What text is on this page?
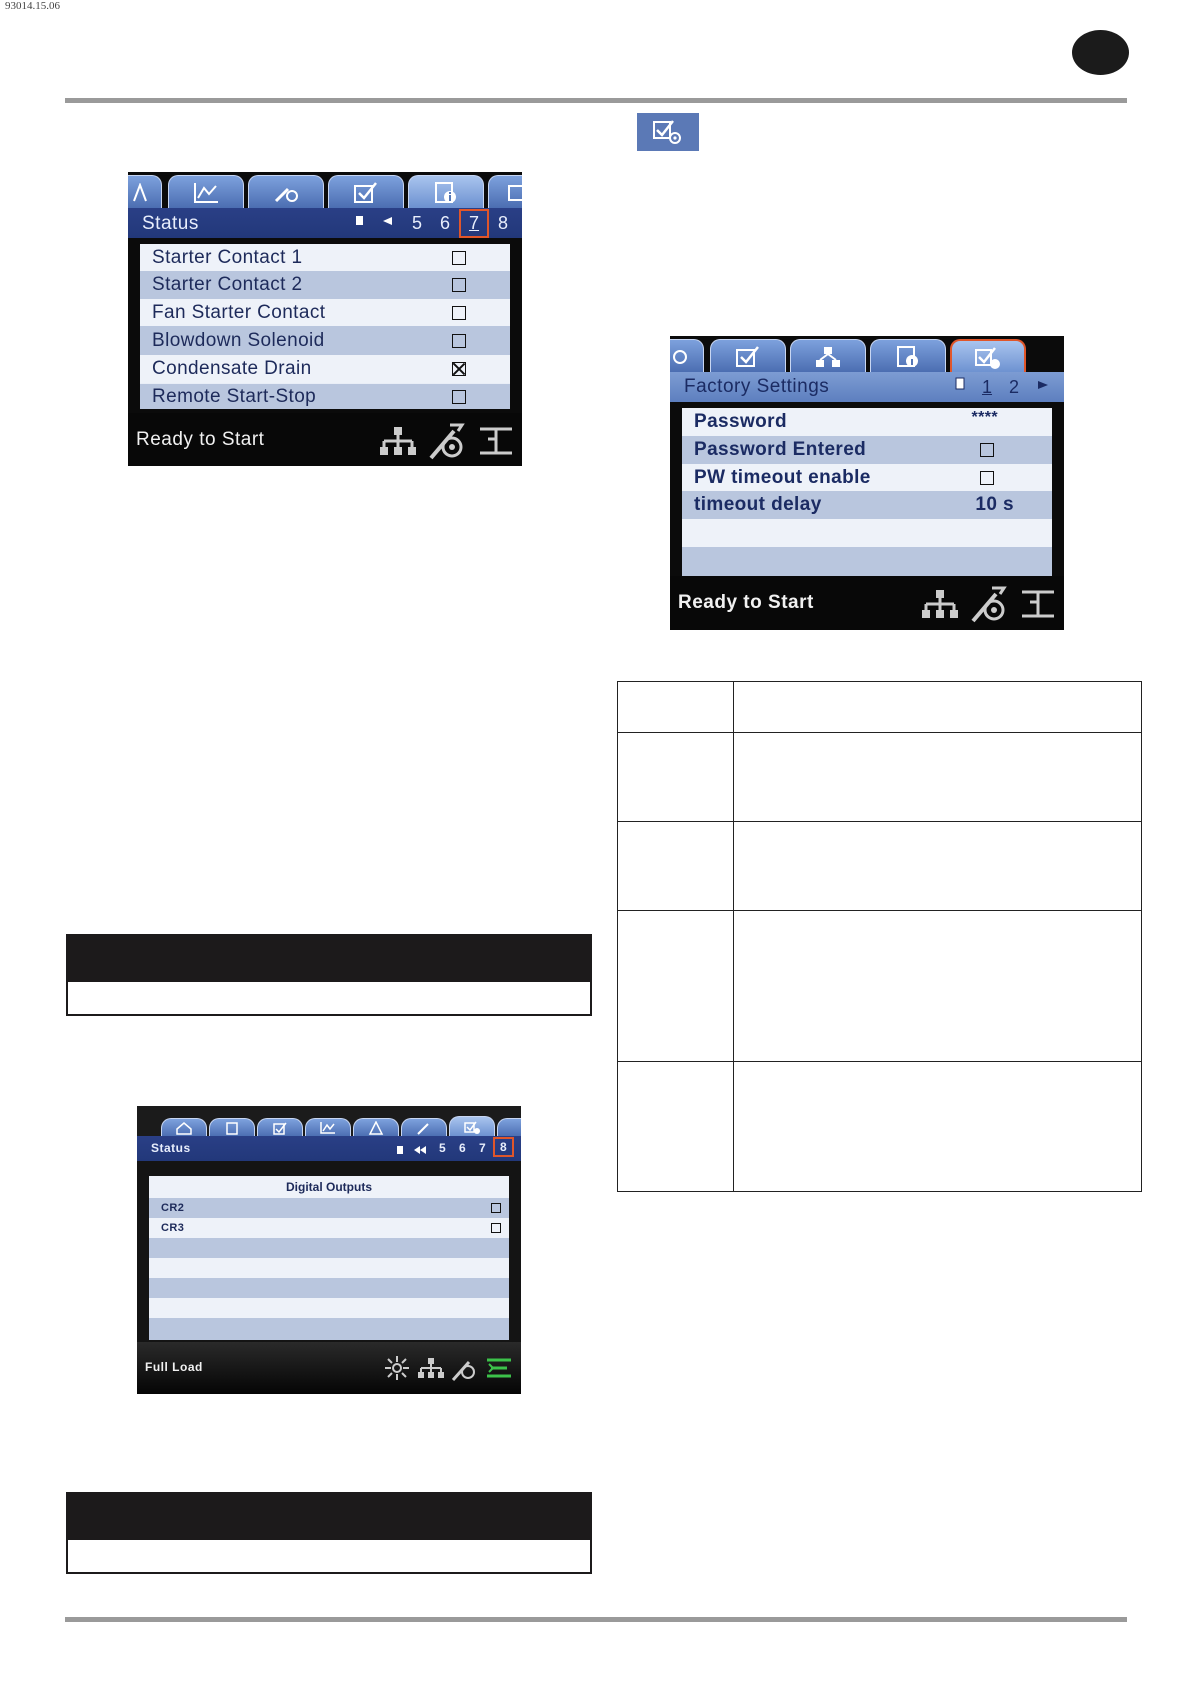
93014.15.06
Status	5 6	7	8
Starter Contact 1
Starter Contact 2
Fan Starter Contact
Blowdown Solenoid
Condensate Drain
Remote Start-Stop
Ready to Start
Factory Settings	1 2
Password	****
Password Entered
PW timeout enable
timeout delay	10 s
Ready to Start

Status	5 6 7	8
Digital Outputs
CR2
CR3
Full Load
